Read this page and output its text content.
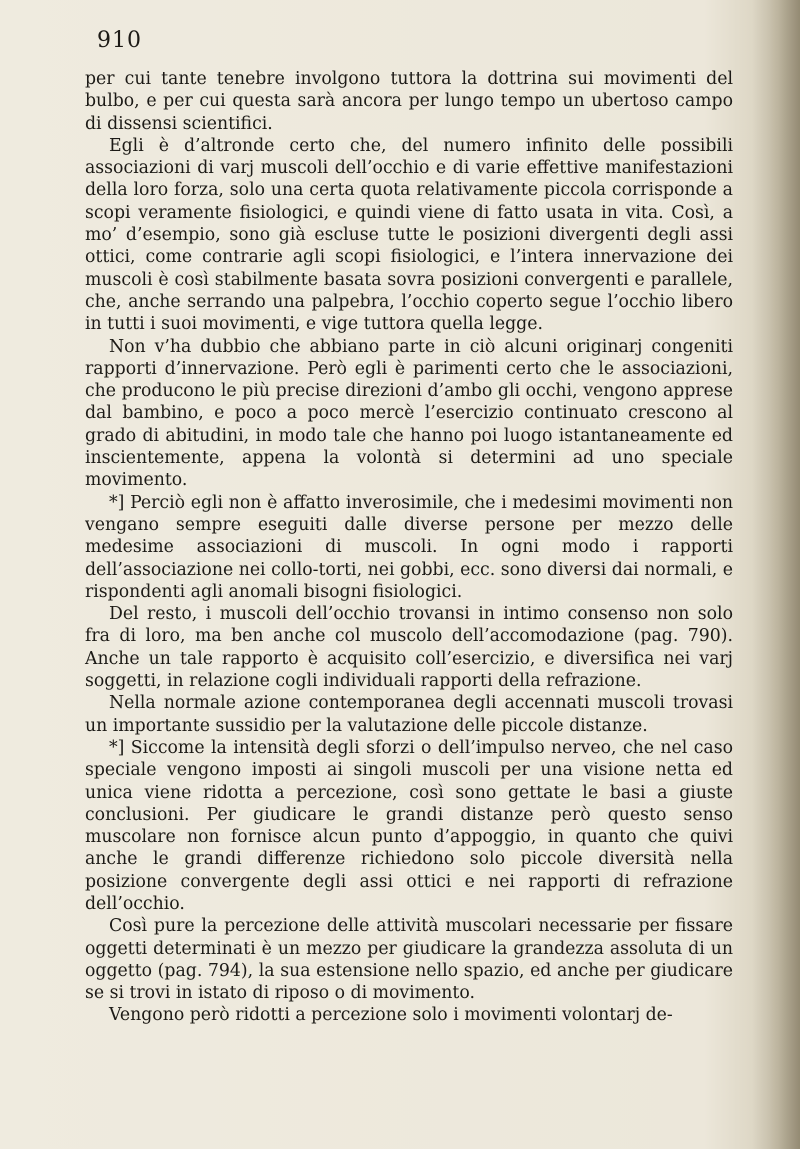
910

per cui tante tenebre involgono tuttora la dottrina sui movimenti del bulbo, e per cui questa sarà ancora per lungo tempo un ubertoso campo di dissensi scientifici.

Egli è d’altronde certo che, del numero infinito delle possibili associazioni di varj muscoli dell’occhio e di varie effettive manifestazioni della loro forza, solo una certa quota relativamente piccola corrisponde a scopi veramente fisiologici, e quindi viene di fatto usata in vita. Così, a mo’ d’esempio, sono già escluse tutte le posizioni divergenti degli assi ottici, come contrarie agli scopi fisiologici, e l’intera innervazione dei muscoli è così stabilmente basata sovra posizioni convergenti e parallele, che, anche serrando una palpebra, l’occhio coperto segue l’occhio libero in tutti i suoi movimenti, e vige tuttora quella legge.

Non v’ha dubbio che abbiano parte in ciò alcuni originarj congeniti rapporti d’innervazione. Però egli è parimenti certo che le associazioni, che producono le più precise direzioni d’ambo gli occhi, vengono apprese dal bambino, e poco a poco mercè l’esercizio continuato crescono al grado di abitudini, in modo tale che hanno poi luogo istantaneamente ed inscientemente, appena la volontà si determini ad uno speciale movimento.

*] Perciò egli non è affatto inverosimile, che i medesimi movimenti non vengano sempre eseguiti dalle diverse persone per mezzo delle medesime associazioni di muscoli. In ogni modo i rapporti dell’associazione nei collo-torti, nei gobbi, ecc. sono diversi dai normali, e rispondenti agli anomali bisogni fisiologici.

Del resto, i muscoli dell’occhio trovansi in intimo consenso non solo fra di loro, ma ben anche col muscolo dell’accomodazione (pag. 790). Anche un tale rapporto è acquisito coll’esercizio, e diversifica nei varj soggetti, in relazione cogli individuali rapporti della refrazione.

Nella normale azione contemporanea degli accennati muscoli trovasi un importante sussidio per la valutazione delle piccole distanze.

*] Siccome la intensità degli sforzi o dell’impulso nerveo, che nel caso speciale vengono imposti ai singoli muscoli per una visione netta ed unica viene ridotta a percezione, così sono gettate le basi a giuste conclusioni. Per giudicare le grandi distanze però questo senso muscolare non fornisce alcun punto d’appoggio, in quanto che quivi anche le grandi differenze richiedono solo piccole diversità nella posizione convergente degli assi ottici e nei rapporti di refrazione dell’occhio.

Così pure la percezione delle attività muscolari necessarie per fissare oggetti determinati è un mezzo per giudicare la grandezza assoluta di un oggetto (pag. 794), la sua estensione nello spazio, ed anche per giudicare se si trovi in istato di riposo o di movimento.

Vengono però ridotti a percezione solo i movimenti volontarj de-
